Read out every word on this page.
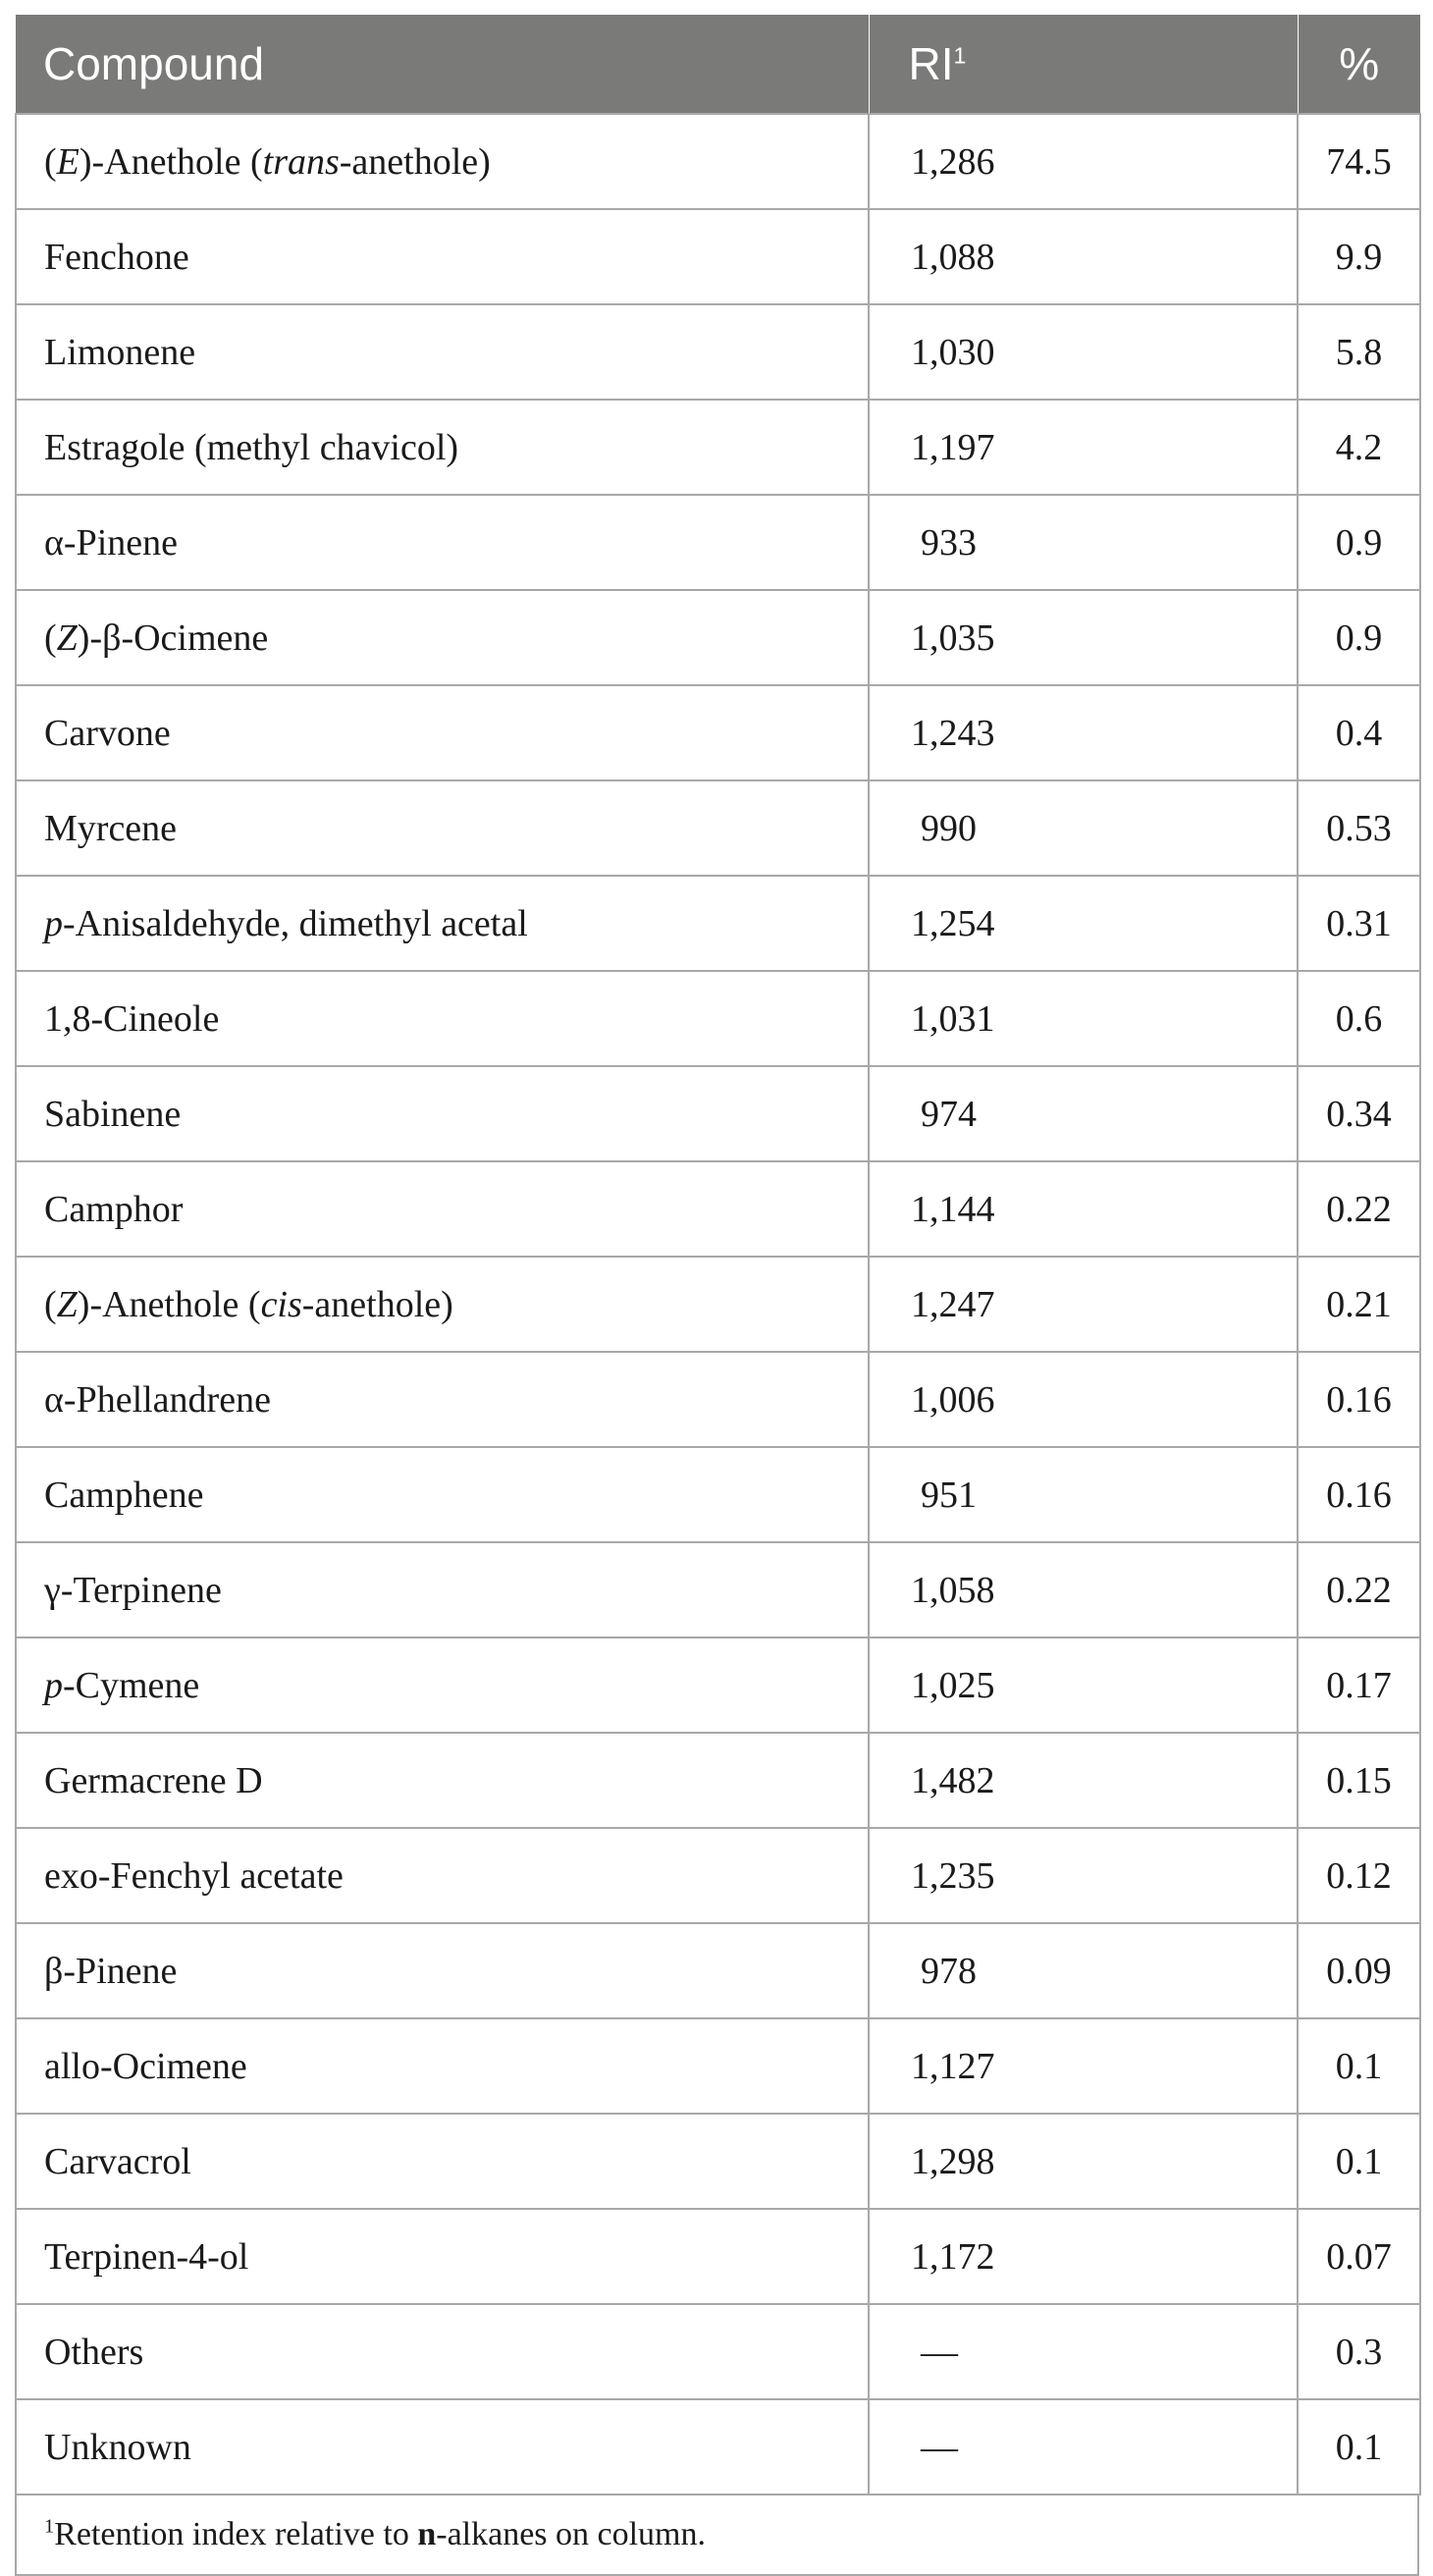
Compound	$RI^1$	%
(E)-Anethole (trans-anethole)	1,286	74.5
Fenchone	1,088	9.9
Limonene	1,030	5.8
Estragole (methyl chavicol)	1,197	4.2
α-Pinene	933	0.9
(Z)-β-Ocimene	1,035	0.9
Carvone	1,243	0.4
Myrcene	990	0.53
p-Anisaldehyde, dimethyl acetal	1,254	0.31
1,8-Cineole	1,031	0.6
Sabinene	974	0.34
Camphor	1,144	0.22
(Z)-Anethole (cis-anethole)	1,247	0.21
α-Phellandrene	1,006	0.16
Camphene	951	0.16
γ-Terpinene	1,058	0.22
p-Cymene	1,025	0.17
Germacrene D	1,482	0.15
exo-Fenchyl acetate	1,235	0.12
β-Pinene	978	0.09
allo-Ocimene	1,127	0.1
Carvacrol	1,298	0.1
Terpinen-4-ol	1,172	0.07
Others	—	0.3
Unknown	—	0.1
$^1$Retention index relative to n-alkanes on column.
